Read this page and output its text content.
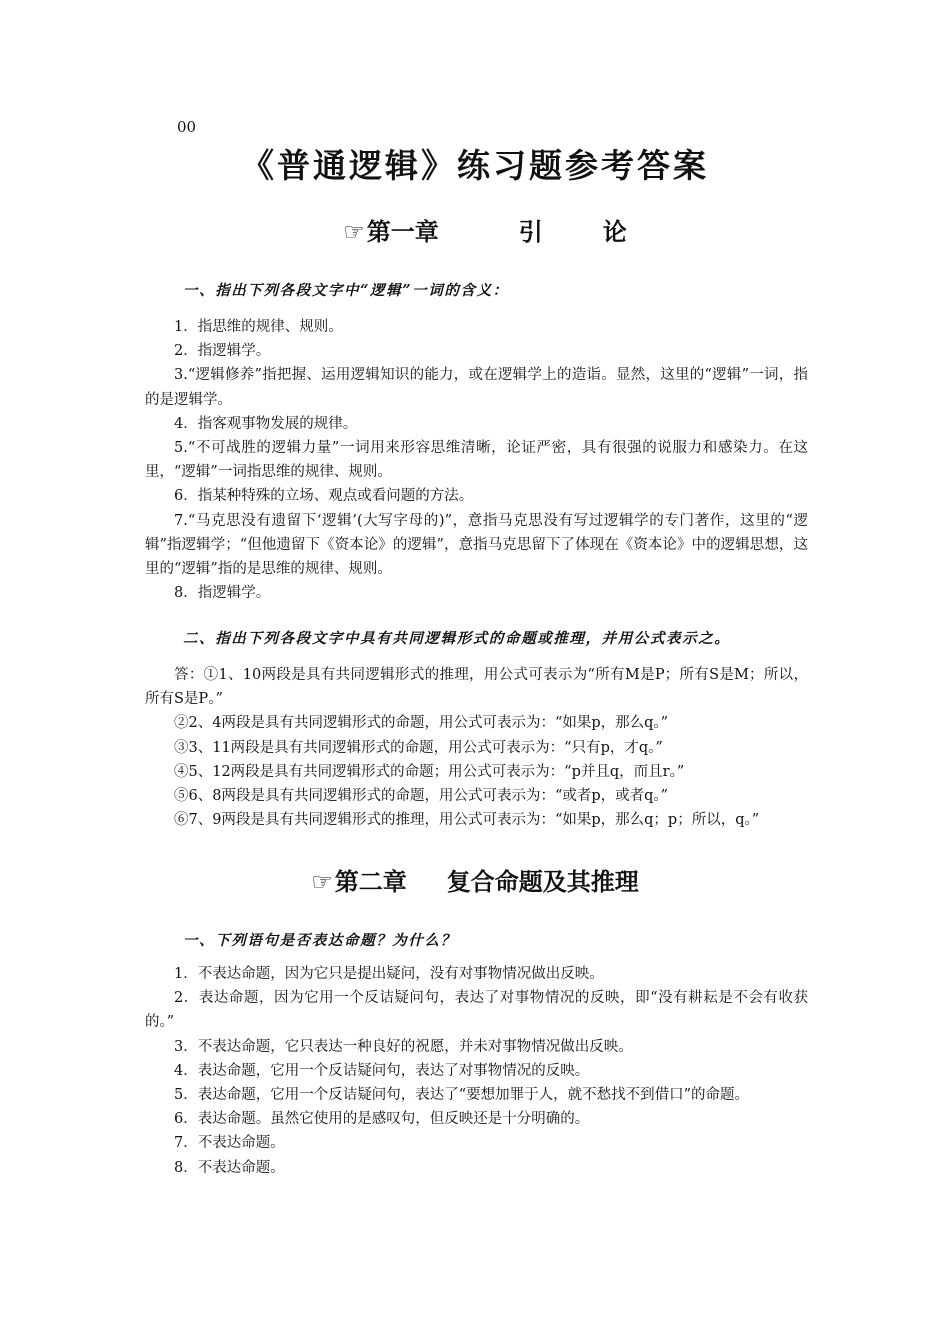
00
《普通逻辑》练习题参考答案
☞第一章	引	论
一、指出下列各段文字中“逻辑”一词的含义：

1．指思维的规律、规则。

2．指逻辑学。

3.“逻辑修养”指把握、运用逻辑知识的能力，或在逻辑学上的造诣。显然，这里的“逻辑”一词，指的是逻辑学。

4．指客观事物发展的规律。

5.“不可战胜的逻辑力量”一词用来形容思维清晰，论证严密，具有很强的说服力和感染力。在这里，“逻辑”一词指思维的规律、规则。

6．指某种特殊的立场、观点或看问题的方法。

7.“马克思没有遗留下‘逻辑’(大写字母的)”，意指马克思没有写过逻辑学的专门著作，这里的“逻辑”指逻辑学；“但他遗留下《资本论》的逻辑”，意指马克思留下了体现在《资本论》中的逻辑思想，这里的“逻辑”指的是思维的规律、规则。

8．指逻辑学。

二、指出下列各段文字中具有共同逻辑形式的命题或推理，并用公式表示之。

答：①1、10两段是具有共同逻辑形式的推理，用公式可表示为“所有M是P；所有S是M；所以，所有S是P。”

②2、4两段是具有共同逻辑形式的命题，用公式可表示为：“如果p，那么q。”

③3、11两段是具有共同逻辑形式的命题，用公式可表示为：“只有p，才q。”

④5、12两段是具有共同逻辑形式的命题；用公式可表示为：“p并且q，而且r。”

⑤6、8两段是具有共同逻辑形式的命题，用公式可表示为：“或者p，或者q。”

⑥7、9两段是具有共同逻辑形式的推理，用公式可表示为：“如果p，那么q；p；所以，q。”

☞第二章 复合命题及其推理
一、下列语句是否表达命题？为什么？

1．不表达命题，因为它只是提出疑问，没有对事物情况做出反映。

2．表达命题，因为它用一个反诘疑问句，表达了对事物情况的反映，即“没有耕耘是不会有收获的。”

3．不表达命题，它只表达一种良好的祝愿，并未对事物情况做出反映。

4．表达命题，它用一个反诘疑问句，表达了对事物情况的反映。

5．表达命题，它用一个反诘疑问句，表达了“要想加罪于人，就不愁找不到借口”的命题。

6．表达命题。虽然它使用的是感叹句，但反映还是十分明确的。

7．不表达命题。

8．不表达命题。
